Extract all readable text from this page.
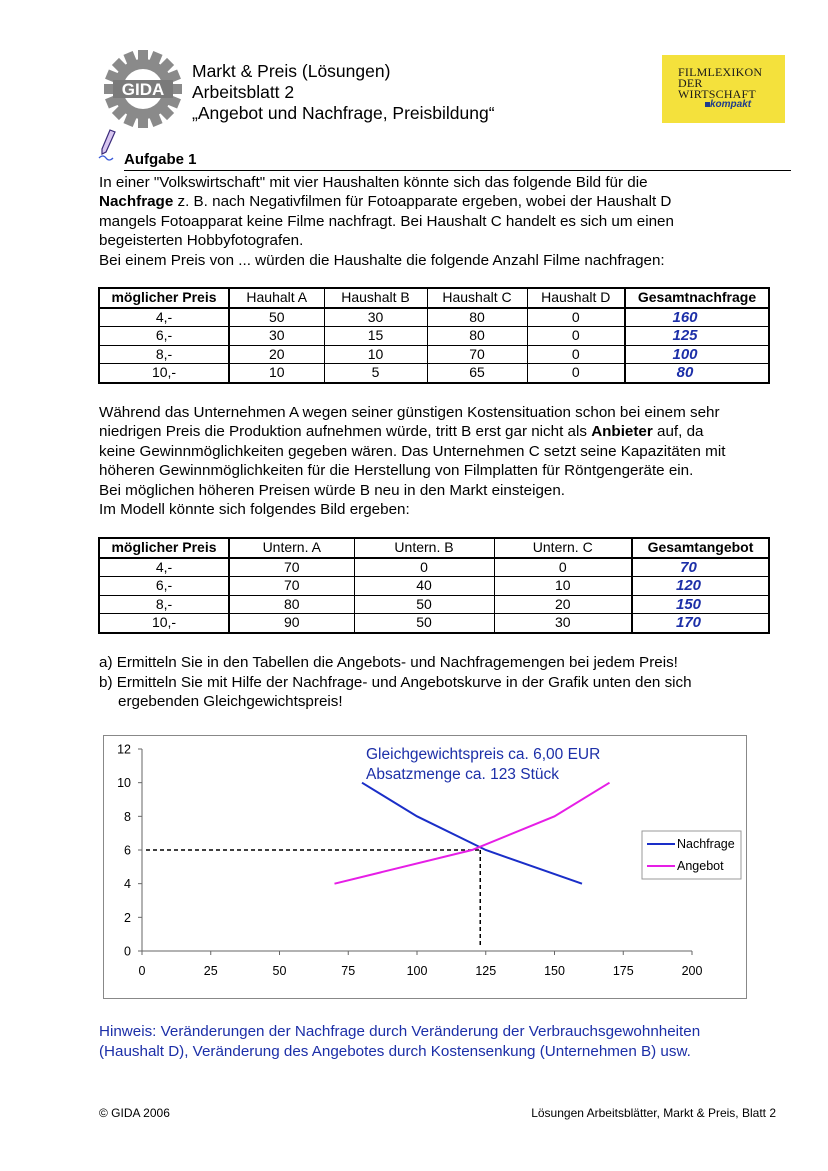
GIDA
Markt & Preis (Lösungen)
Arbeitsblatt 2
„Angebot und Nachfrage, Preisbildung“
FILMLEXIKON
DER
WIRTSCHAFT
kompakt
Aufgabe 1
In einer "Volkswirtschaft" mit vier Haushalten könnte sich das folgende Bild für die
Nachfrage z. B. nach Negativfilmen für Fotoapparate ergeben, wobei der Haushalt D
mangels Fotoapparat keine Filme nachfragt. Bei Haushalt C handelt es sich um einen
begeisterten Hobbyfotografen.
Bei einem Preis von ... würden die Haushalte die folgende Anzahl Filme nachfragen:
möglicher Preis	Hauhalt A	Haushalt B	Haushalt C	Haushalt D	Gesamtnachfrage
4,-	50	30	80	0	160
6,-	30	15	80	0	125
8,-	20	10	70	0	100
10,-	10	5	65	0	80
Während das Unternehmen A wegen seiner günstigen Kostensituation schon bei einem sehr
niedrigen Preis die Produktion aufnehmen würde, tritt B erst gar nicht als Anbieter auf, da
keine Gewinnmöglichkeiten gegeben wären. Das Unternehmen C setzt seine Kapazitäten mit
höheren Gewinnmöglichkeiten für die Herstellung von Filmplatten für Röntgengeräte ein.
Bei möglichen höheren Preisen würde B neu in den Markt einsteigen.
Im Modell könnte sich folgendes Bild ergeben:
möglicher Preis	Untern. A	Untern. B	Untern. C	Gesamtangebot
4,-	70	0	0	70
6,-	70	40	10	120
8,-	80	50	20	150
10,-	90	50	30	170
a) Ermitteln Sie in den Tabellen die Angebots- und Nachfragemengen bei jedem Preis!
b) Ermitteln Sie mit Hilfe der Nachfrage- und Angebotskurve in der Grafik unten den sich
ergebenden Gleichgewichtspreis!
0
2
4
6
8
10
12
0	25	50	75	100	125	150	175	200
Gleichgewichtspreis ca. 6,00 EUR
Absatzmenge ca. 123 Stück
Nachfrage
Angebot
Hinweis: Veränderungen der Nachfrage durch Veränderung der Verbrauchsgewohnheiten
(Haushalt D), Veränderung des Angebotes durch Kostensenkung (Unternehmen B) usw.
© GIDA 2006	Lösungen Arbeitsblätter, Markt & Preis, Blatt 2
